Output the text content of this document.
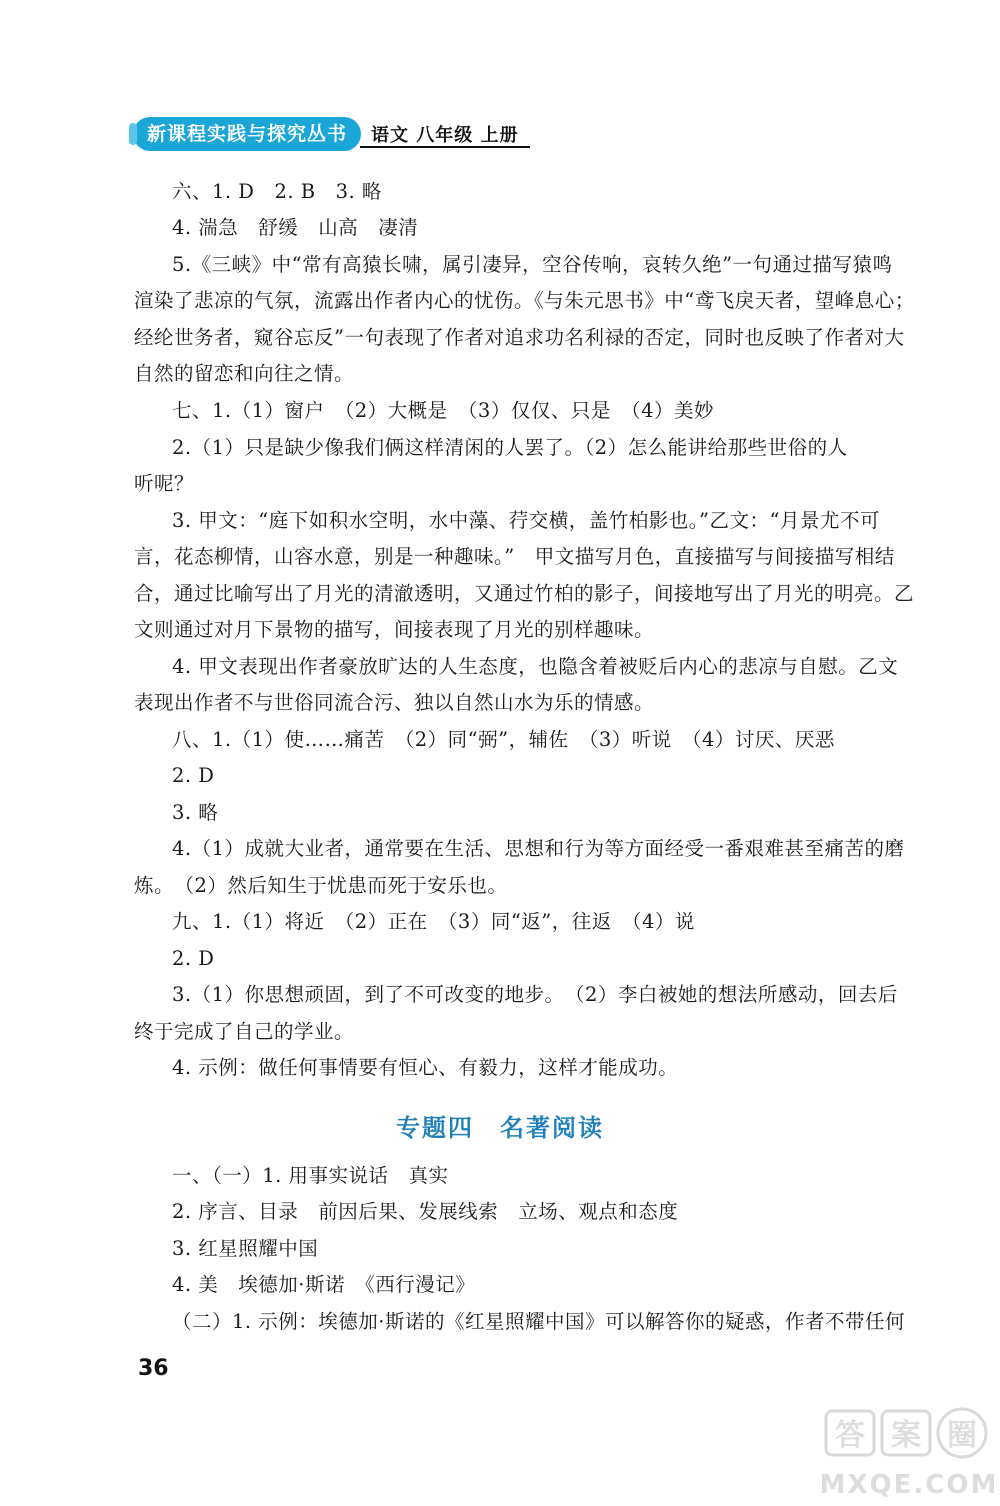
新课程实践与探究丛书	语文 八年级 上册
六、1. D　2. B　3. 略
4. 湍急　舒缓　山高　凄清
5.《三峡》中“常有高猿长啸，属引凄异，空谷传响，哀转久绝”一句通过描写猿鸣
渲染了悲凉的气氛，流露出作者内心的忧伤。《与朱元思书》中“鸢飞戾天者，望峰息心；
经纶世务者，窥谷忘反”一句表现了作者对追求功名利禄的否定，同时也反映了作者对大
自然的留恋和向往之情。
七、1.（1）窗户　（2）大概是　（3）仅仅、只是　（4）美妙
2.（1）只是缺少像我们俩这样清闲的人罢了。（2）怎么能讲给那些世俗的人
听呢？
3. 甲文：“庭下如积水空明，水中藻、荇交横，盖竹柏影也。”乙文：“月景尤不可
言，花态柳情，山容水意，别是一种趣味。”　甲文描写月色，直接描写与间接描写相结
合，通过比喻写出了月光的清澈透明，又通过竹柏的影子，间接地写出了月光的明亮。乙
文则通过对月下景物的描写，间接表现了月光的别样趣味。
4. 甲文表现出作者豪放旷达的人生态度，也隐含着被贬后内心的悲凉与自慰。乙文
表现出作者不与世俗同流合污、独以自然山水为乐的情感。
八、1.（1）使……痛苦　（2）同“弼”，辅佐　（3）听说　（4）讨厌、厌恶
2. D
3. 略
4.（1）成就大业者，通常要在生活、思想和行为等方面经受一番艰难甚至痛苦的磨
炼。　（2）然后知生于忧患而死于安乐也。
九、1.（1）将近　（2）正在　（3）同“返”，往返　（4）说
2. D
3.（1）你思想顽固，到了不可改变的地步。　（2）李白被她的想法所感动，回去后
终于完成了自己的学业。
4. 示例：做任何事情要有恒心、有毅力，这样才能成功。
专题四　名著阅读
一、（一）1. 用事实说话　真实
2. 序言、目录　前因后果、发展线索　立场、观点和态度
3. 红星照耀中国
4. 美　埃德加·斯诺　《西行漫记》
（二）1. 示例：埃德加·斯诺的《红星照耀中国》可以解答你的疑惑，作者不带任何
36
答 案 圈
MXQE.COM
